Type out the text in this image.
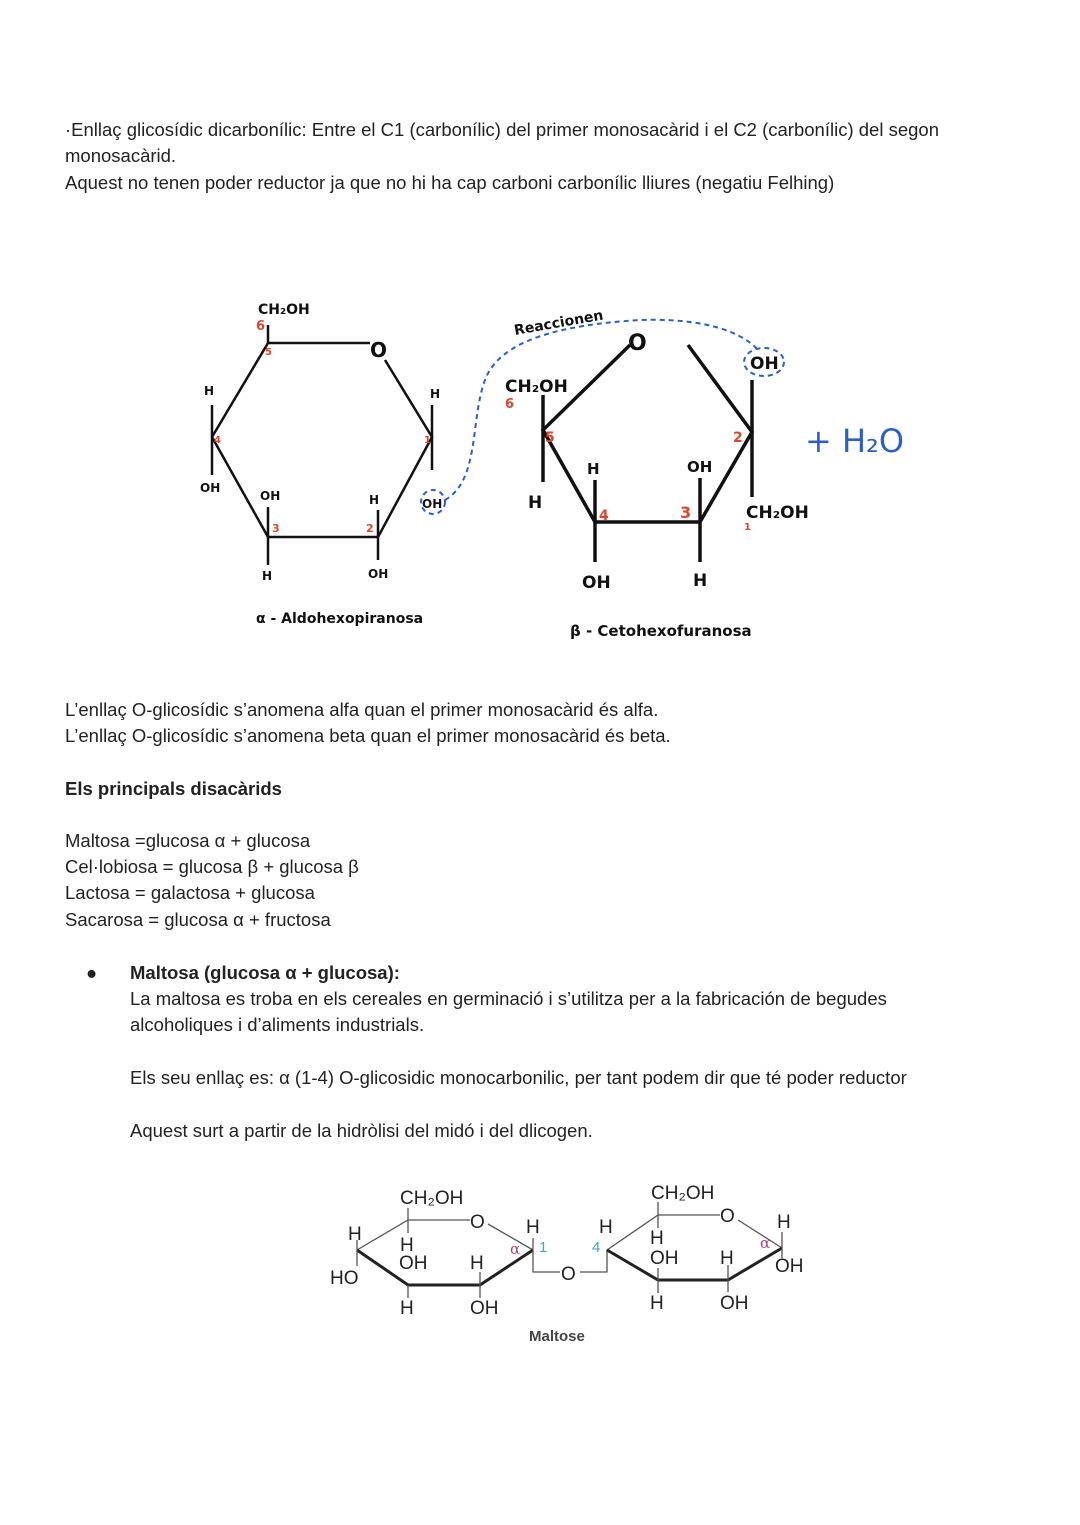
·Enllaç glicosídic dicarbonílic: Entre el C1 (carbonílic) del primer monosacàrid i el C2 (carbonílic) del segon

monosacàrid.

Aquest no tenen poder reductor ja que no hi ha cap carboni carbonílic lliures (negatiu Felhing)

CH₂OH
O
H
OH
H
OH
OH
H
H
OH
6
5
4
3	2
1
α - Aldohexopiranosa
Reaccionen
CH₂OH
6
O
OH
H
H
OH
OH
H
CH₂OH
5
4	3
2
1
β - Cetohexofuranosa
+ H₂O
CH₂OH
O
H
HO
H
OH H
H	OH
H
α 1
O
4
H
CH₂OH
O
H
OH H
H	OH
H
α
OH
Maltose

L’enllaç O-glicosídic s’anomena alfa quan el primer monosacàrid és alfa.

L’enllaç O-glicosídic s’anomena beta quan el primer monosacàrid és beta.

Els principals disacàrids

Maltosa =glucosa α + glucosa

Cel·lobiosa = glucosa β + glucosa β

Lactosa = galactosa + glucosa

Sacarosa = glucosa α + fructosa

● Maltosa (glucosa α + glucosa):

La maltosa es troba en els cereales en germinació i s’utilitza per a la fabricación de begudes

alcoholiques i d’aliments industrials.

Els seu enllaç es: α (1-4) O-glicosidic monocarbonilic, per tant podem dir que té poder reductor

Aquest surt a partir de la hidròlisi del midó i del dlicogen.
